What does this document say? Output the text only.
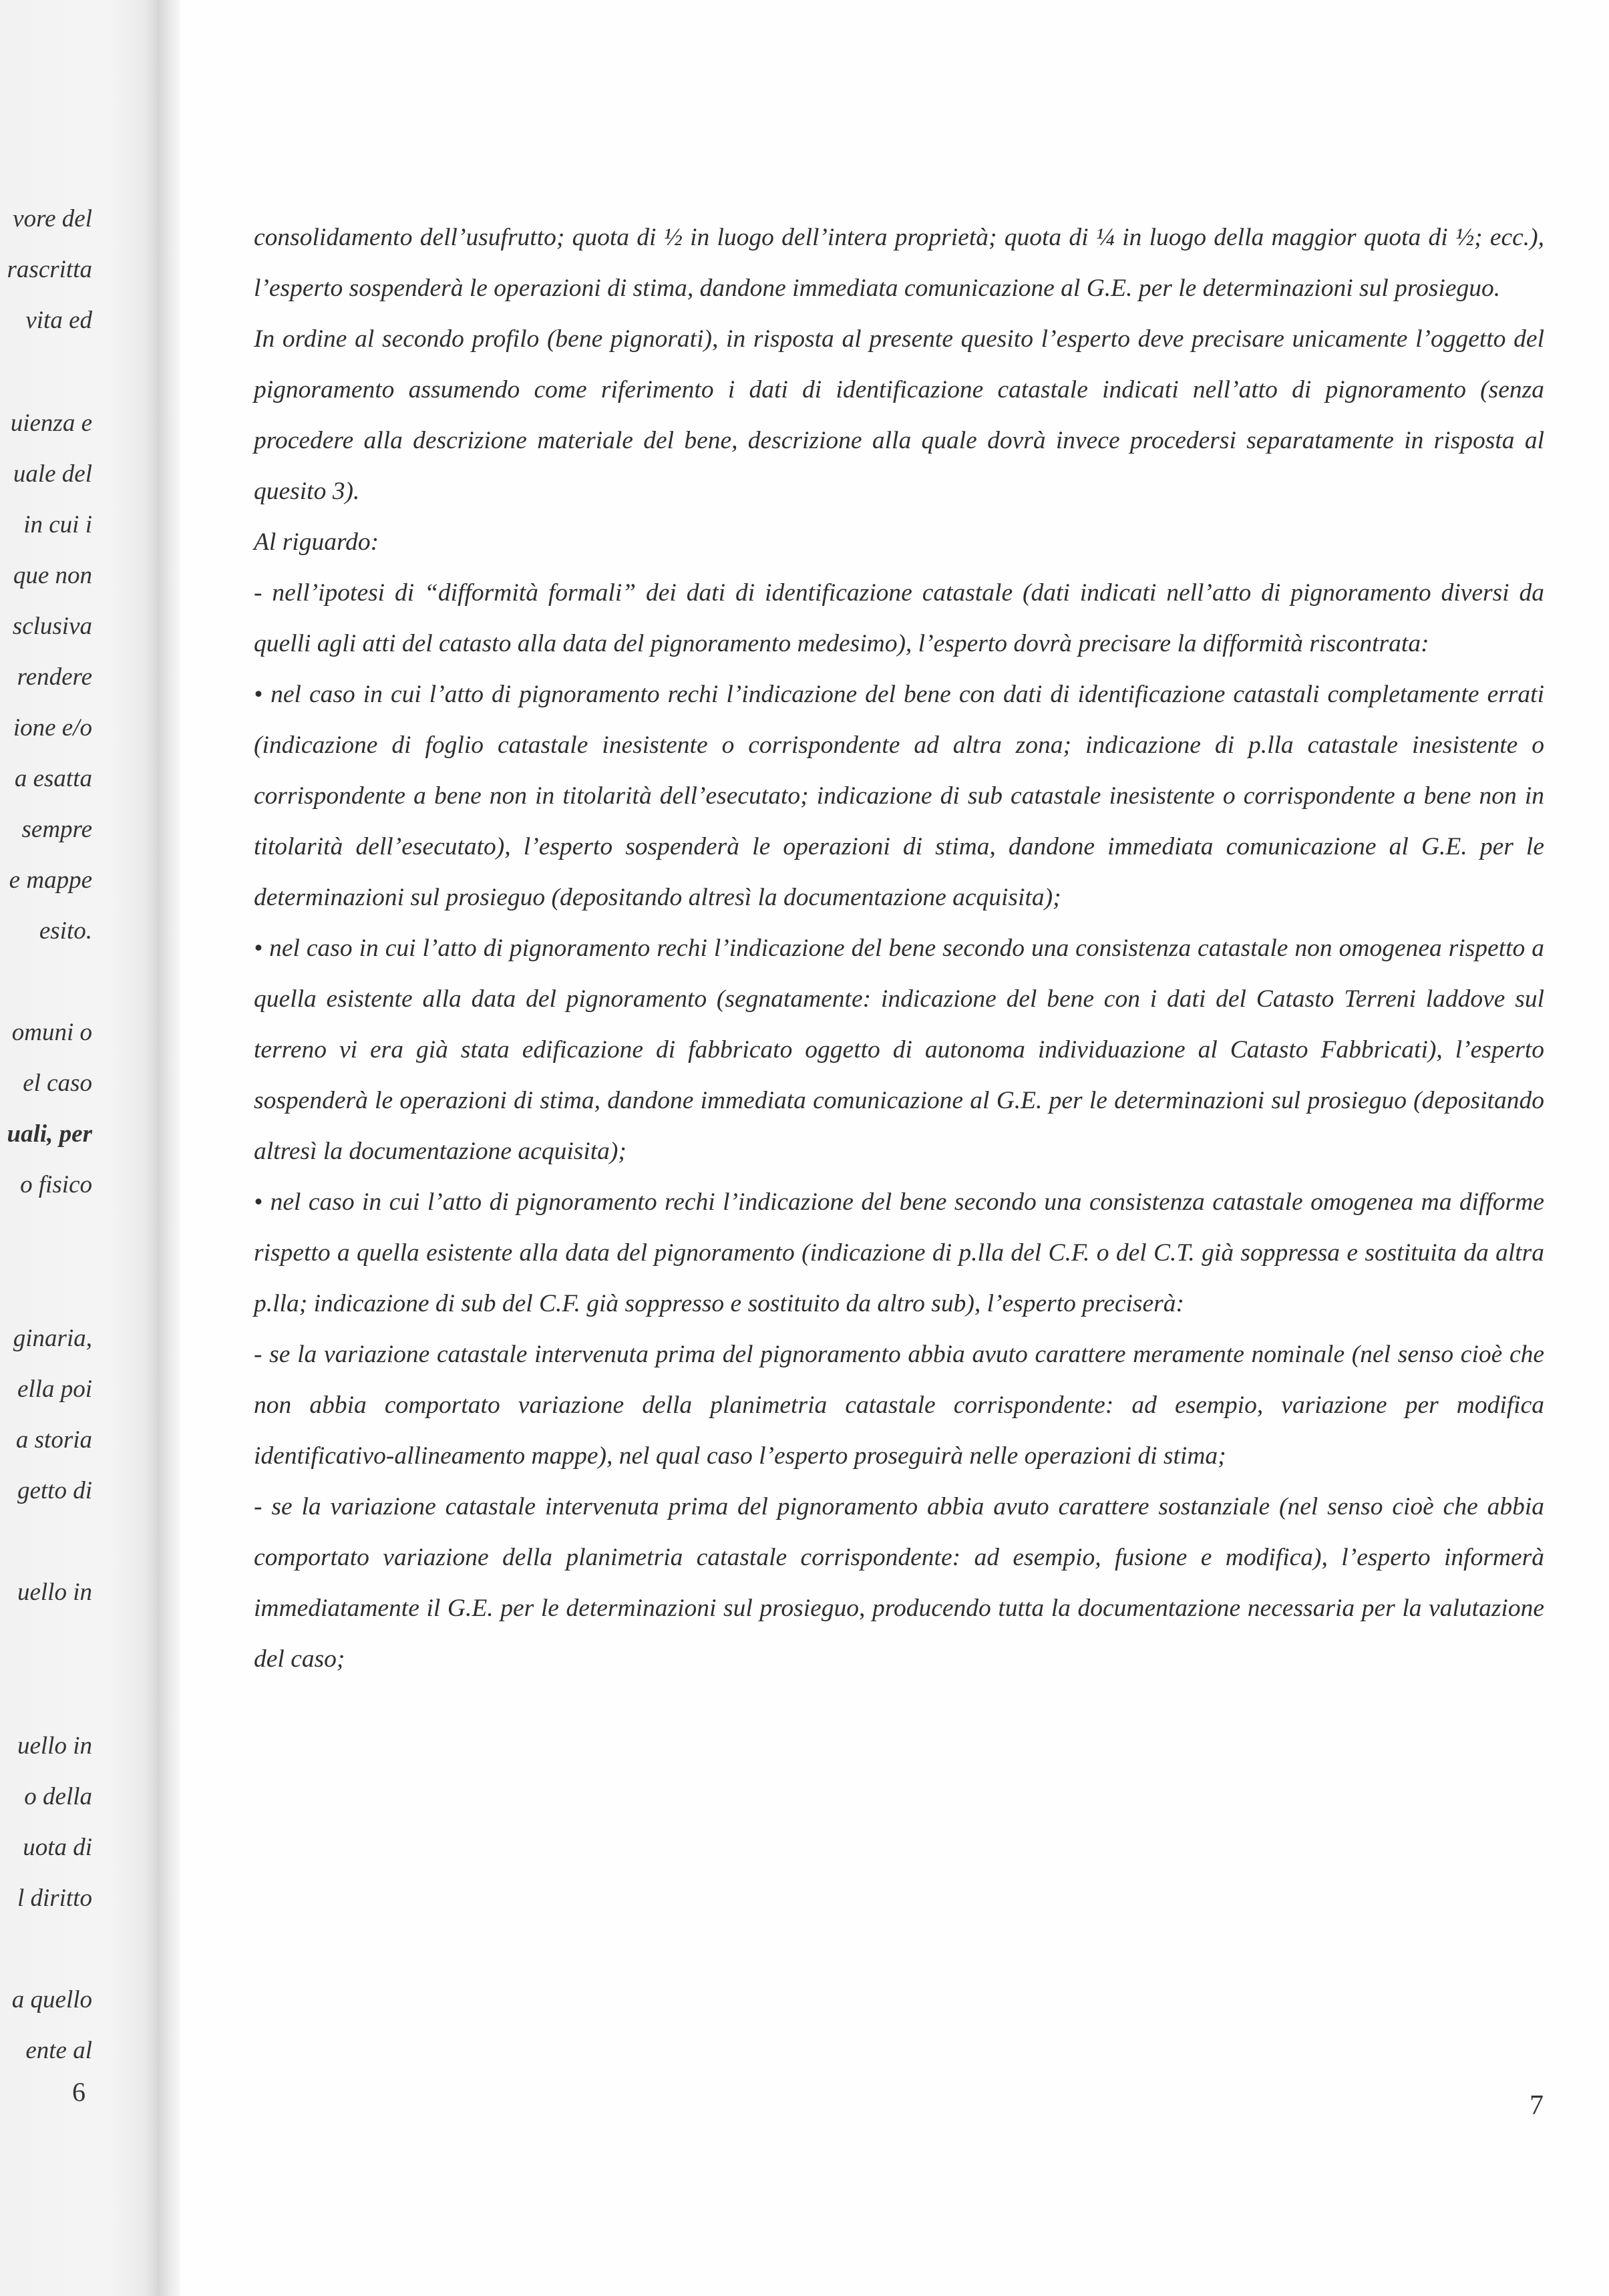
vore del
rascritta
vita ed
uienza e
uale del
in cui i
que non
sclusiva
rendere
ione e/o
a esatta
sempre
e mappe
esito.
omuni o
el caso
uali, per
o fisico
ginaria,
ella poi
a storia
getto di
uello in
uello in
o della
uota di
l diritto
a quello
ente al
6

consolidamento dell’usufrutto; quota di ½ in luogo dell’intera proprietà; quota di ¼ in luogo della maggior quota di ½; ecc.), l’esperto sospenderà le operazioni di stima, dandone immediata comunicazione al G.E. per le determinazioni sul prosieguo.

In ordine al secondo profilo (bene pignorati), in risposta al presente quesito l’esperto deve precisare unicamente l’oggetto del pignoramento assumendo come riferimento i dati di identificazione catastale indicati nell’atto di pignoramento (senza procedere alla descrizione materiale del bene, descrizione alla quale dovrà invece procedersi separatamente in risposta al quesito 3).

Al riguardo:

- nell’ipotesi di “difformità formali” dei dati di identificazione catastale (dati indicati nell’atto di pignoramento diversi da quelli agli atti del catasto alla data del pignoramento medesimo), l’esperto dovrà precisare la difformità riscontrata:

• nel caso in cui l’atto di pignoramento rechi l’indicazione del bene con dati di identificazione catastali completamente errati (indicazione di foglio catastale inesistente o corrispondente ad altra zona; indicazione di p.lla catastale inesistente o corrispondente a bene non in titolarità dell’esecutato; indicazione di sub catastale inesistente o corrispondente a bene non in titolarità dell’esecutato), l’esperto sospenderà le operazioni di stima, dandone immediata comunicazione al G.E. per le determinazioni sul prosieguo (depositando altresì la documentazione acquisita);

• nel caso in cui l’atto di pignoramento rechi l’indicazione del bene secondo una consistenza catastale non omogenea rispetto a quella esistente alla data del pignoramento (segnatamente: indicazione del bene con i dati del Catasto Terreni laddove sul terreno vi era già stata edificazione di fabbricato oggetto di autonoma individuazione al Catasto Fabbricati), l’esperto sospenderà le operazioni di stima, dandone immediata comunicazione al G.E. per le determinazioni sul prosieguo (depositando altresì la documentazione acquisita);

• nel caso in cui l’atto di pignoramento rechi l’indicazione del bene secondo una consistenza catastale omogenea ma difforme rispetto a quella esistente alla data del pignoramento (indicazione di p.lla del C.F. o del C.T. già soppressa e sostituita da altra p.lla; indicazione di sub del C.F. già soppresso e sostituito da altro sub), l’esperto preciserà:

- se la variazione catastale intervenuta prima del pignoramento abbia avuto carattere meramente nominale (nel senso cioè che non abbia comportato variazione della planimetria catastale corrispondente: ad esempio, variazione per modifica identificativo-allineamento mappe), nel qual caso l’esperto proseguirà nelle operazioni di stima;

- se la variazione catastale intervenuta prima del pignoramento abbia avuto carattere sostanziale (nel senso cioè che abbia comportato variazione della planimetria catastale corrispondente: ad esempio, fusione e modifica), l’esperto informerà immediatamente il G.E. per le determinazioni sul prosieguo, producendo tutta la documentazione necessaria per la valutazione del caso;

7
